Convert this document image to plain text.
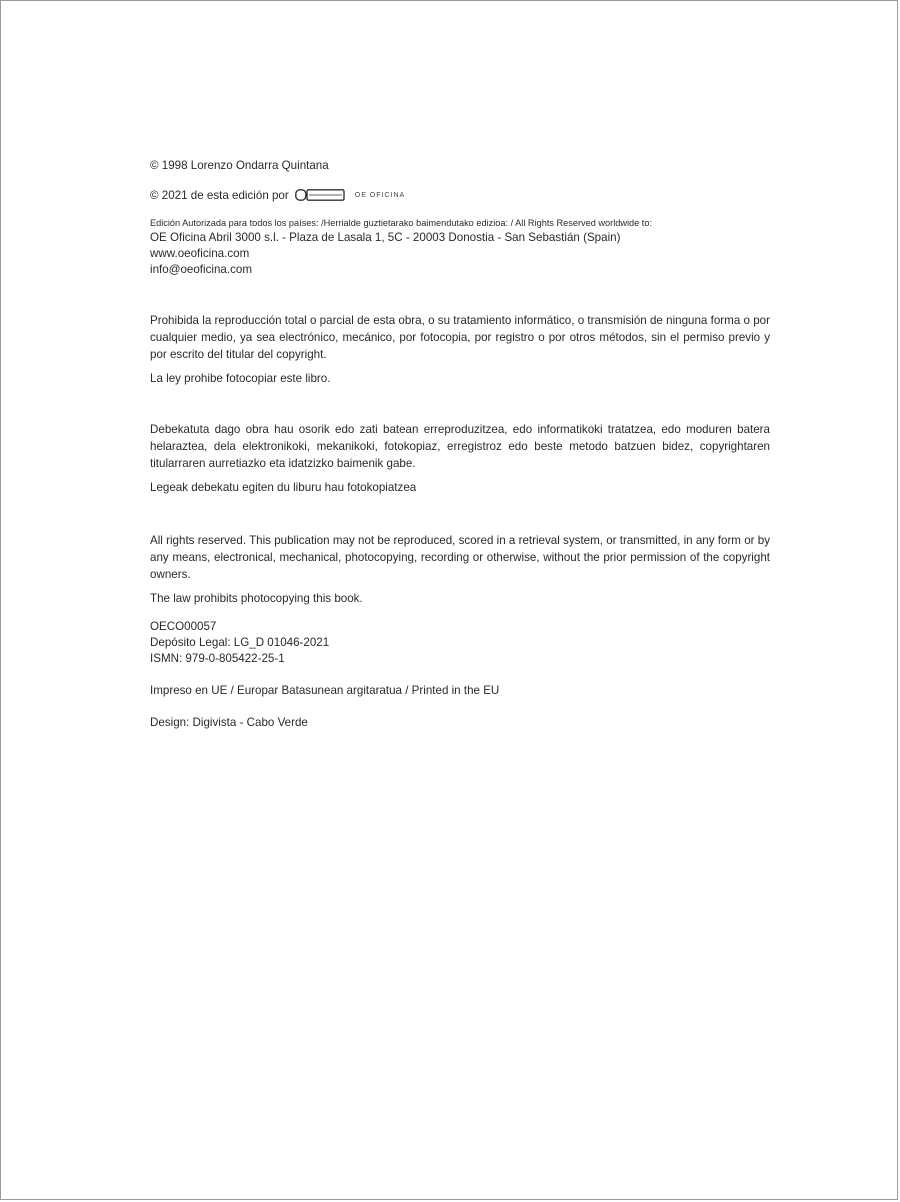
© 1998 Lorenzo Ondarra Quintana
© 2021 de esta edición por	OE OFICINA
Edición Autorizada para todos los países: /Herrialde guztietarako baimendutako edizioa: / All Rights Reserved worldwide to:
OE Oficina Abril 3000 s.l. - Plaza de Lasala 1, 5C - 20003 Donostia - San Sebastián (Spain)
www.oeoficina.com
info@oeoficina.com

Prohibida la reproducción total o parcial de esta obra, o su tratamiento informático, o transmisión de ninguna forma o por cualquier medio, ya sea electrónico, mecánico, por fotocopia, por registro o por otros métodos, sin el permiso previo y por escrito del titular del copyright.

La ley prohibe fotocopiar este libro.

Debekatuta dago obra hau osorik edo zati batean erreproduzitzea, edo informatikoki tratatzea, edo moduren batera helaraztea, dela elektronikoki, mekanikoki, fotokopiaz, erregistroz edo beste metodo batzuen bidez, copyrightaren titularraren aurretiazko eta idatzizko baimenik gabe.

Legeak debekatu egiten du liburu hau fotokopiatzea

All rights reserved. This publication may not be reproduced, scored in a retrieval system, or transmitted, in any form or by any means, electronical, mechanical, photocopying, recording or otherwise, without the prior permission of the copyright owners.

The law prohibits photocopying this book.
OECO00057
Depósito Legal: LG_D 01046-2021
ISMN: 979-0-805422-25-1
Impreso en UE / Europar Batasunean argitaratua / Printed in the EU
Design: Digivista - Cabo Verde
